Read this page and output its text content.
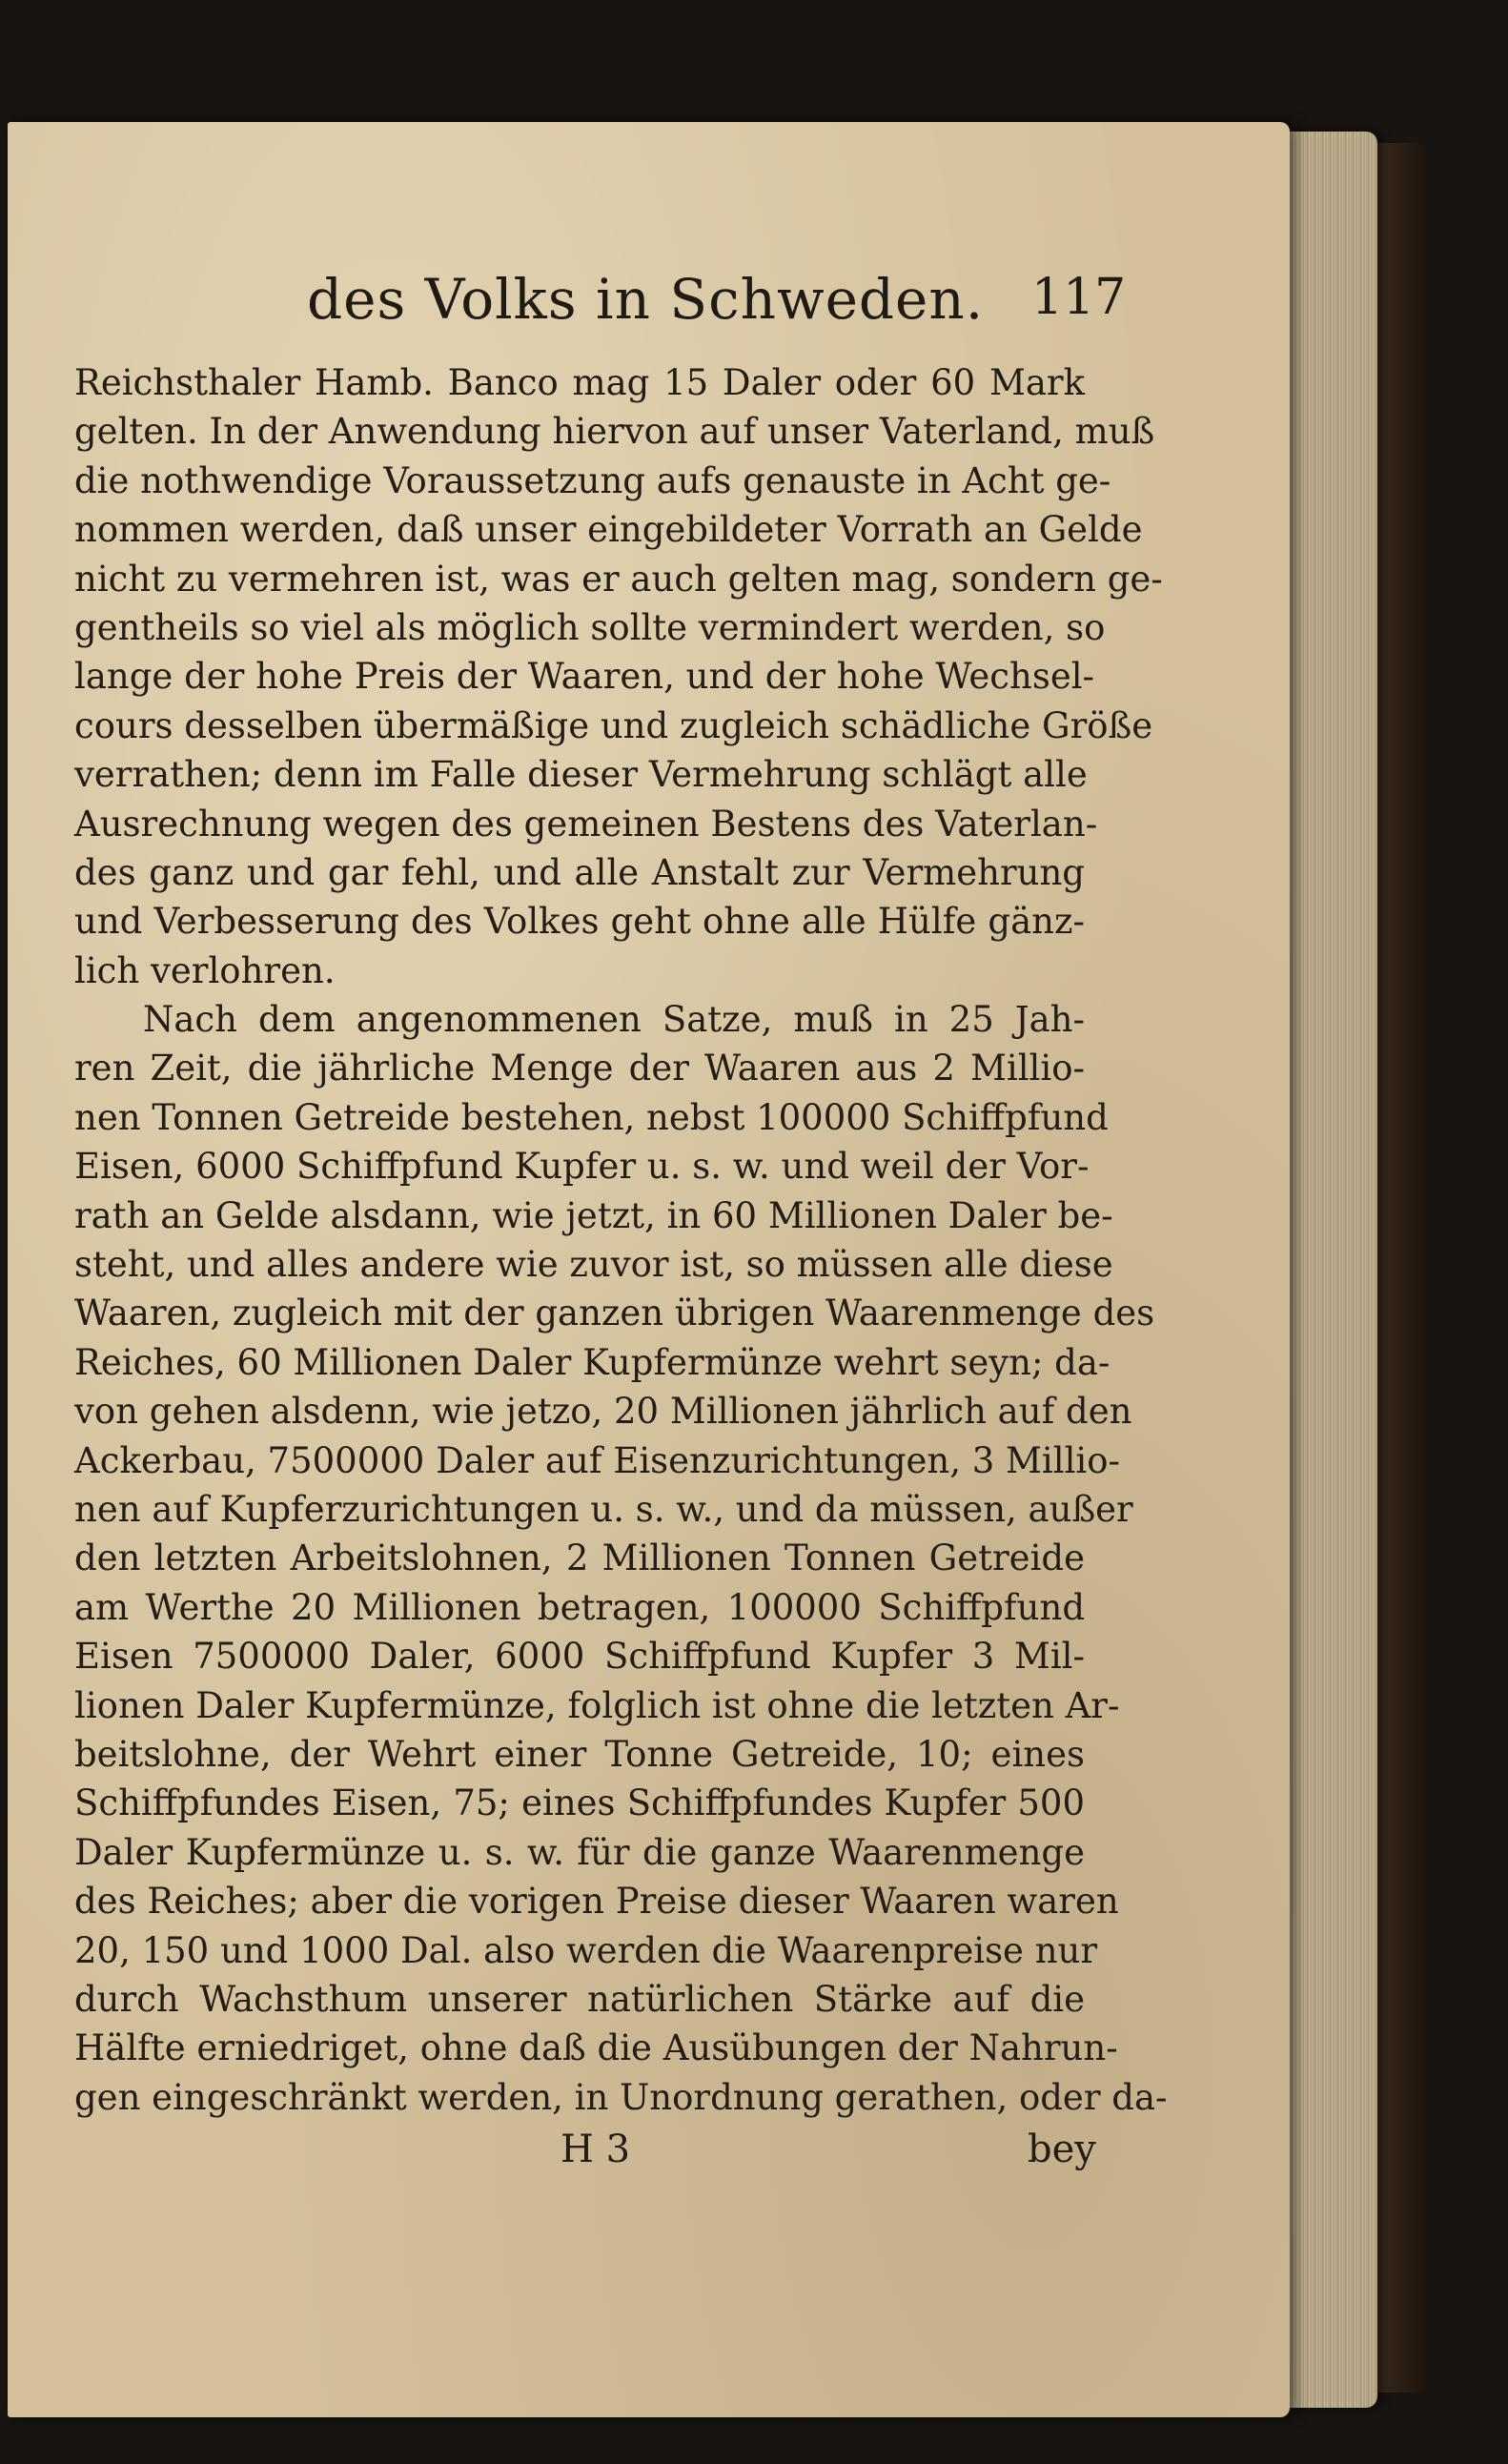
des Volks in Schweden. 117
Reichsthaler Hamb. Banco mag 15 Daler oder 60 Mark
gelten. In der Anwendung hiervon auf unser Vaterland, muß
die nothwendige Voraussetzung aufs genauste in Acht ge-
nommen werden, daß unser eingebildeter Vorrath an Gelde
nicht zu vermehren ist, was er auch gelten mag, sondern ge-
gentheils so viel als möglich sollte vermindert werden, so
lange der hohe Preis der Waaren, und der hohe Wechsel-
cours desselben übermäßige und zugleich schädliche Größe
verrathen; denn im Falle dieser Vermehrung schlägt alle
Ausrechnung wegen des gemeinen Bestens des Vaterlan-
des ganz und gar fehl, und alle Anstalt zur Vermehrung
und Verbesserung des Volkes geht ohne alle Hülfe gänz-
lich verlohren.
Nach dem angenommenen Satze, muß in 25 Jah-
ren Zeit, die jährliche Menge der Waaren aus 2 Millio-
nen Tonnen Getreide bestehen, nebst 100000 Schiffpfund
Eisen, 6000 Schiffpfund Kupfer u. s. w. und weil der Vor-
rath an Gelde alsdann, wie jetzt, in 60 Millionen Daler be-
steht, und alles andere wie zuvor ist, so müssen alle diese
Waaren, zugleich mit der ganzen übrigen Waarenmenge des
Reiches, 60 Millionen Daler Kupfermünze wehrt seyn; da-
von gehen alsdenn, wie jetzo, 20 Millionen jährlich auf den
Ackerbau, 7500000 Daler auf Eisenzurichtungen, 3 Millio-
nen auf Kupferzurichtungen u. s. w., und da müssen, außer
den letzten Arbeitslohnen, 2 Millionen Tonnen Getreide
am Werthe 20 Millionen betragen, 100000 Schiffpfund
Eisen 7500000 Daler, 6000 Schiffpfund Kupfer 3 Mil-
lionen Daler Kupfermünze, folglich ist ohne die letzten Ar-
beitslohne, der Wehrt einer Tonne Getreide, 10; eines
Schiffpfundes Eisen, 75; eines Schiffpfundes Kupfer 500
Daler Kupfermünze u. s. w. für die ganze Waarenmenge
des Reiches; aber die vorigen Preise dieser Waaren waren
20, 150 und 1000 Dal. also werden die Waarenpreise nur
durch Wachsthum unserer natürlichen Stärke auf die
Hälfte erniedriget, ohne daß die Ausübungen der Nahrun-
gen eingeschränkt werden, in Unordnung gerathen, oder da-
H 3	bey
